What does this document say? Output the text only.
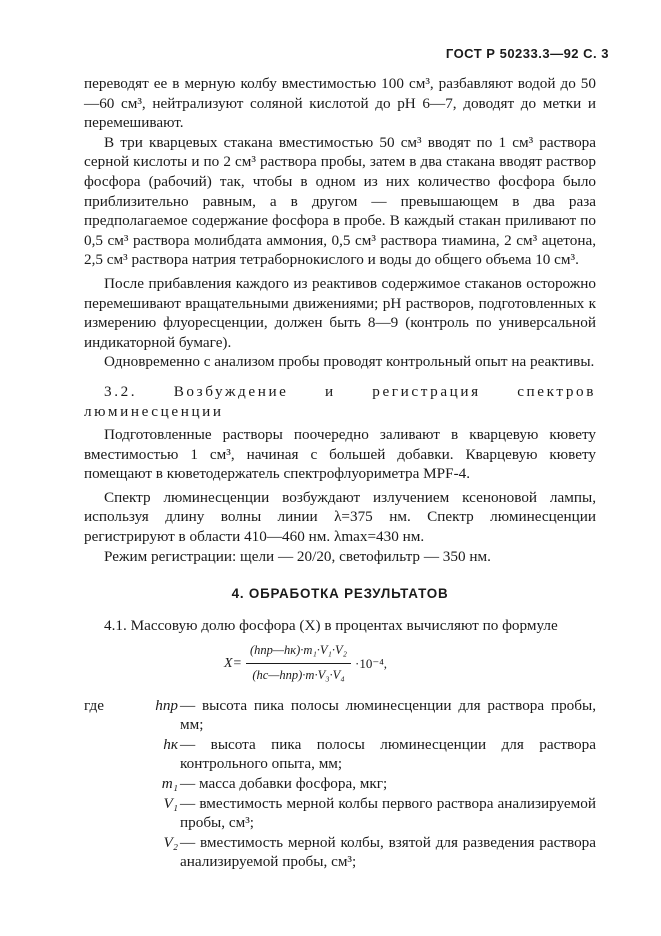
ГОСТ Р 50233.3—92 С. 3

переводят ее в мерную колбу вместимостью 100 см³, разбавляют водой до 50—60 см³, нейтрализуют соляной кислотой до рН 6—7, доводят до метки и перемешивают.

В три кварцевых стакана вместимостью 50 см³ вводят по 1 см³ раствора серной кислоты и по 2 см³ раствора пробы, затем в два стакана вводят раствор фосфора (рабочий) так, чтобы в одном из них количество фосфора было приблизительно равным, а в другом — превышающем в два раза предполагаемое содержание фосфора в пробе. В каждый стакан приливают по 0,5 см³ раствора молибдата аммония, 0,5 см³ раствора тиамина, 2 см³ ацетона, 2,5 см³ раствора натрия тетраборнокислого и воды до общего объема 10 см³.

После прибавления каждого из реактивов содержимое стаканов осторожно перемешивают вращательными движениями; рН растворов, подготовленных к измерению флуоресценции, должен быть 8—9 (контроль по универсальной индикаторной бумаге).

Одновременно с анализом пробы проводят контрольный опыт на реактивы.

3.2. Возбуждение и регистрация спектров люминесценции

Подготовленные растворы поочередно заливают в кварцевую кювету вместимостью 1 см³, начиная с большей добавки. Кварцевую кювету помещают в кюветодержатель спектрофлуориметра MPF-4.

Спектр люминесценции возбуждают излучением ксеноновой лампы, используя длину волны линии λ=375 нм. Спектр люминесценции регистрируют в области 410—460 нм. λmax=430 нм.

Режим регистрации: щели — 20/20, светофильтр — 350 нм.

4. ОБРАБОТКА РЕЗУЛЬТАТОВ

4.1. Массовую долю фосфора (X) в процентах вычисляют по формуле

$X= \frac{\text{(hпр—hк)·m₁·V₁·V₂}}{\text{(hс—hпр)·m·V₃·V₄}} \cdot 10^{-4}$,
где	hпр — высота пика полосы люминесценции для раствора пробы, мм;
hк — высота пика полосы люминесценции для раствора контрольного опыта, мм;
m₁ — масса добавки фосфора, мкг;
V₁ — вместимость мерной колбы первого раствора анализируемой пробы, см³;
V₂ — вместимость мерной колбы, взятой для разведения раствора анализируемой пробы, см³;
